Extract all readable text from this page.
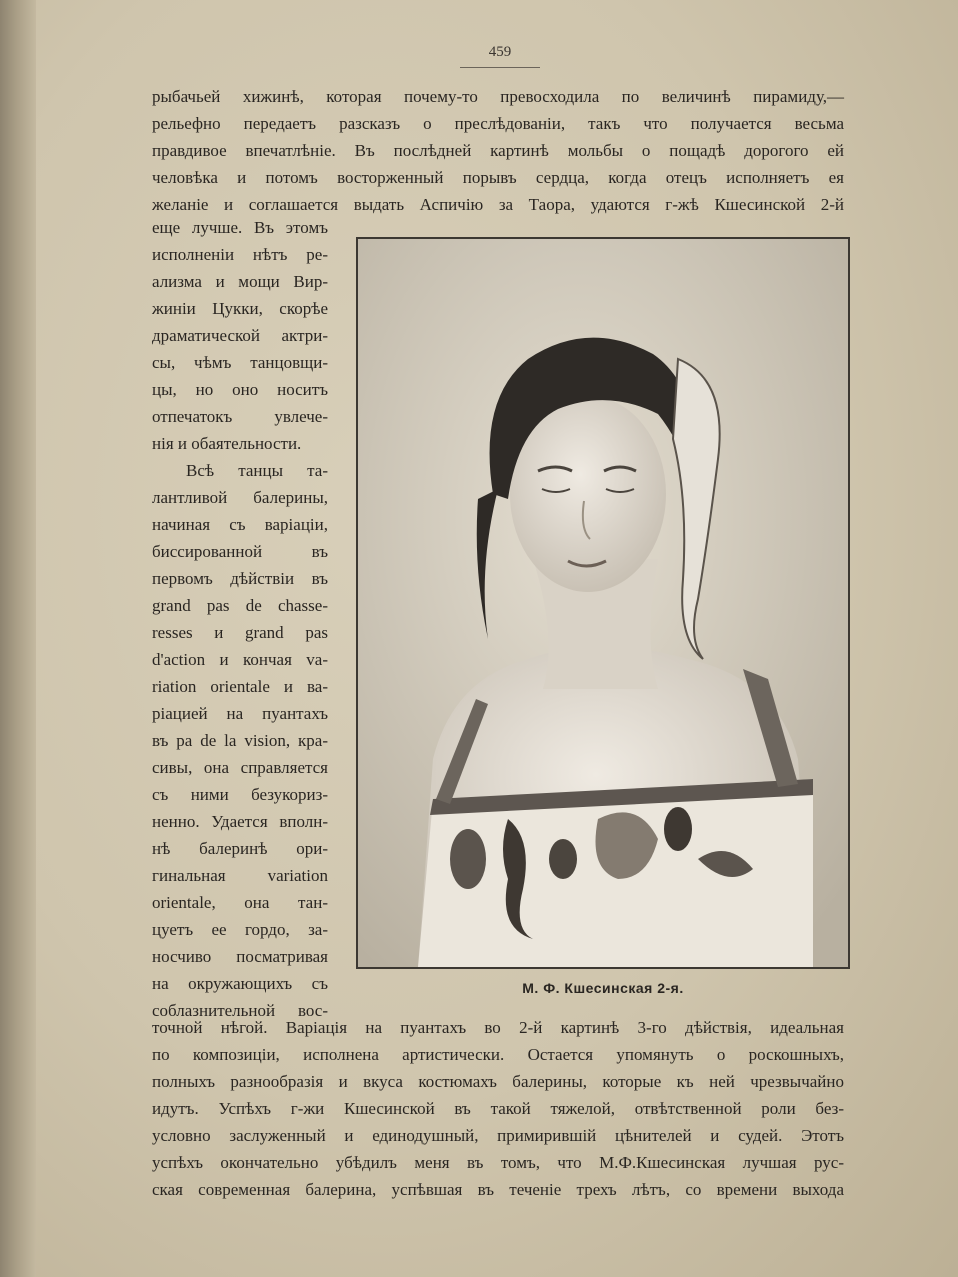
459
рыбачьей хижинѣ, которая почему-то превосходила по величинѣ пирамиду,—
рельефно передаетъ разсказъ о преслѣдованіи, такъ что получается весьма
правдивое впечатлѣніе. Въ послѣдней картинѣ мольбы о пощадѣ дорогого ей
человѣка и потомъ восторженный порывъ сердца, когда отецъ исполняетъ ея
желаніе и соглашается выдать Аспичію за Таора, удаются г-жѣ Кшесинской 2-й
еще лучше. Въ этомъ
исполненіи нѣтъ ре-
ализма и мощи Вир-
жиніи Цукки, скорѣе
драматической актри-
сы, чѣмъ танцовщи-
цы, но оно носитъ
отпечатокъ увлече-
нія и обаятельности.
Всѣ танцы та-
лантливой балерины,
начиная съ варіаціи,
биссированной въ
первомъ дѣйствіи въ
grand pas de chasse-
resses и grand pas
d'action и кончая va-
riation orientale и ва-
ріацией на пуантахъ
въ pa de la vision, кра-
сивы, она справляется
съ ними безукориз-
ненно. Удается вполн-
нѣ балеринѣ ори-
гинальная variation
orientale, она тан-
цуетъ ее гордо, за-
носчиво посматривая
на окружающихъ съ
соблазнительной вос-
М. Ф. Кшесинская 2-я.
точной нѣгой. Варіація на пуантахъ во 2-й картинѣ 3-го дѣйствія, идеальная
по композиціи, исполнена артистически. Остается упомянуть о роскошныхъ,
полныхъ разнообразія и вкуса костюмахъ балерины, которые къ ней чрезвычайно
идутъ. Успѣхъ г-жи Кшесинской въ такой тяжелой, отвѣтственной роли без-
условно заслуженный и единодушный, примирившій цѣнителей и судей. Этотъ
успѣхъ окончательно убѣдилъ меня въ томъ, что М.Ф.Кшесинская лучшая рус-
ская современная балерина, успѣвшая въ теченіе трехъ лѣтъ, со времени выхода
